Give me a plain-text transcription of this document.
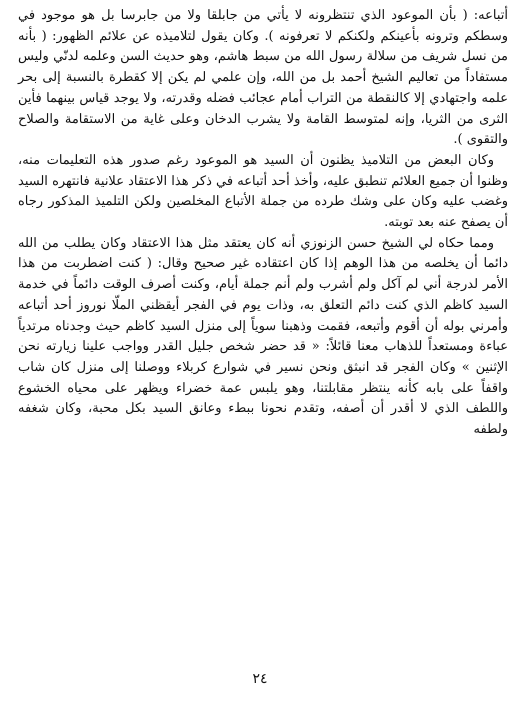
أتباعه: ( بأن الموعود الذي تنتظرونه لا يأتي من جابلقا ولا من جابرسا بل هو موجود في وسطكم وترونه بأعينكم ولكنكم لا تعرفونه ). وكان يقول لتلاميذه عن علائم الظهور: ( بأنه من نسل شريف من سلالة رسول الله من سبط هاشم، وهو حديث السن وعلمه لدنّي وليس مستفاداً من تعاليم الشيخ أحمد بل من الله، وإن علمي لم يكن إلا كقطرة بالنسبة إلى بحر علمه واجتهادي إلا كالنقطة من التراب أمام عجائب فضله وقدرته، ولا يوجد قياس بينهما فأين الثرى من الثريا، وإنه لمتوسط القامة ولا يشرب الدخان وعلى غاية من الاستقامة والصلاح والتقوى ).

وكان البعض من التلاميذ يظنون أن السيد هو الموعود رغم صدور هذه التعليمات منه، وظنوا أن جميع العلائم تنطبق عليه، وأخذ أحد أتباعه في ذكر هذا الاعتقاد علانية فانتهره السيد وغضب عليه وكان على وشك طرده من جملة الأتباع المخلصين ولكن التلميذ المذكور رجاه أن يصفح عنه بعد توبته.

ومما حكاه لي الشيخ حسن الزنوزي أنه كان يعتقد مثل هذا الاعتقاد وكان يطلب من الله دائما أن يخلصه من هذا الوهم إذا كان اعتقاده غير صحيح وقال: ( كنت اضطربت من هذا الأمر لدرجة أني لم آكل ولم أشرب ولم أنم جملة أيام، وكنت أصرف الوقت دائماً في خدمة السيد كاظم الذي كنت دائم التعلق به، وذات يوم في الفجر أيقظني الملّا نوروز أحد أتباعه وأمرني بوله أن أقوم وأتبعه، فقمت وذهبنا سوياً إلى منزل السيد كاظم حيث وجدناه مرتدياً عباءة ومستعداً للذهاب معنا قائلاً: « قد حضر شخص جليل القدر وواجب علينا زيارته نحن الإثنين » وكان الفجر قد انبثق ونحن نسير في شوارع كربلاء ووصلنا إلى منزل كان شاب واقفاً على بابه كأنه ينتظر مقابلتنا، وهو يلبس عمة خضراء ويظهر على محياه الخشوع واللطف الذي لا أقدر أن أصفه، وتقدم نحونا ببطء وعانق السيد بكل محبة، وكان شغفه ولطفه

٢٤
